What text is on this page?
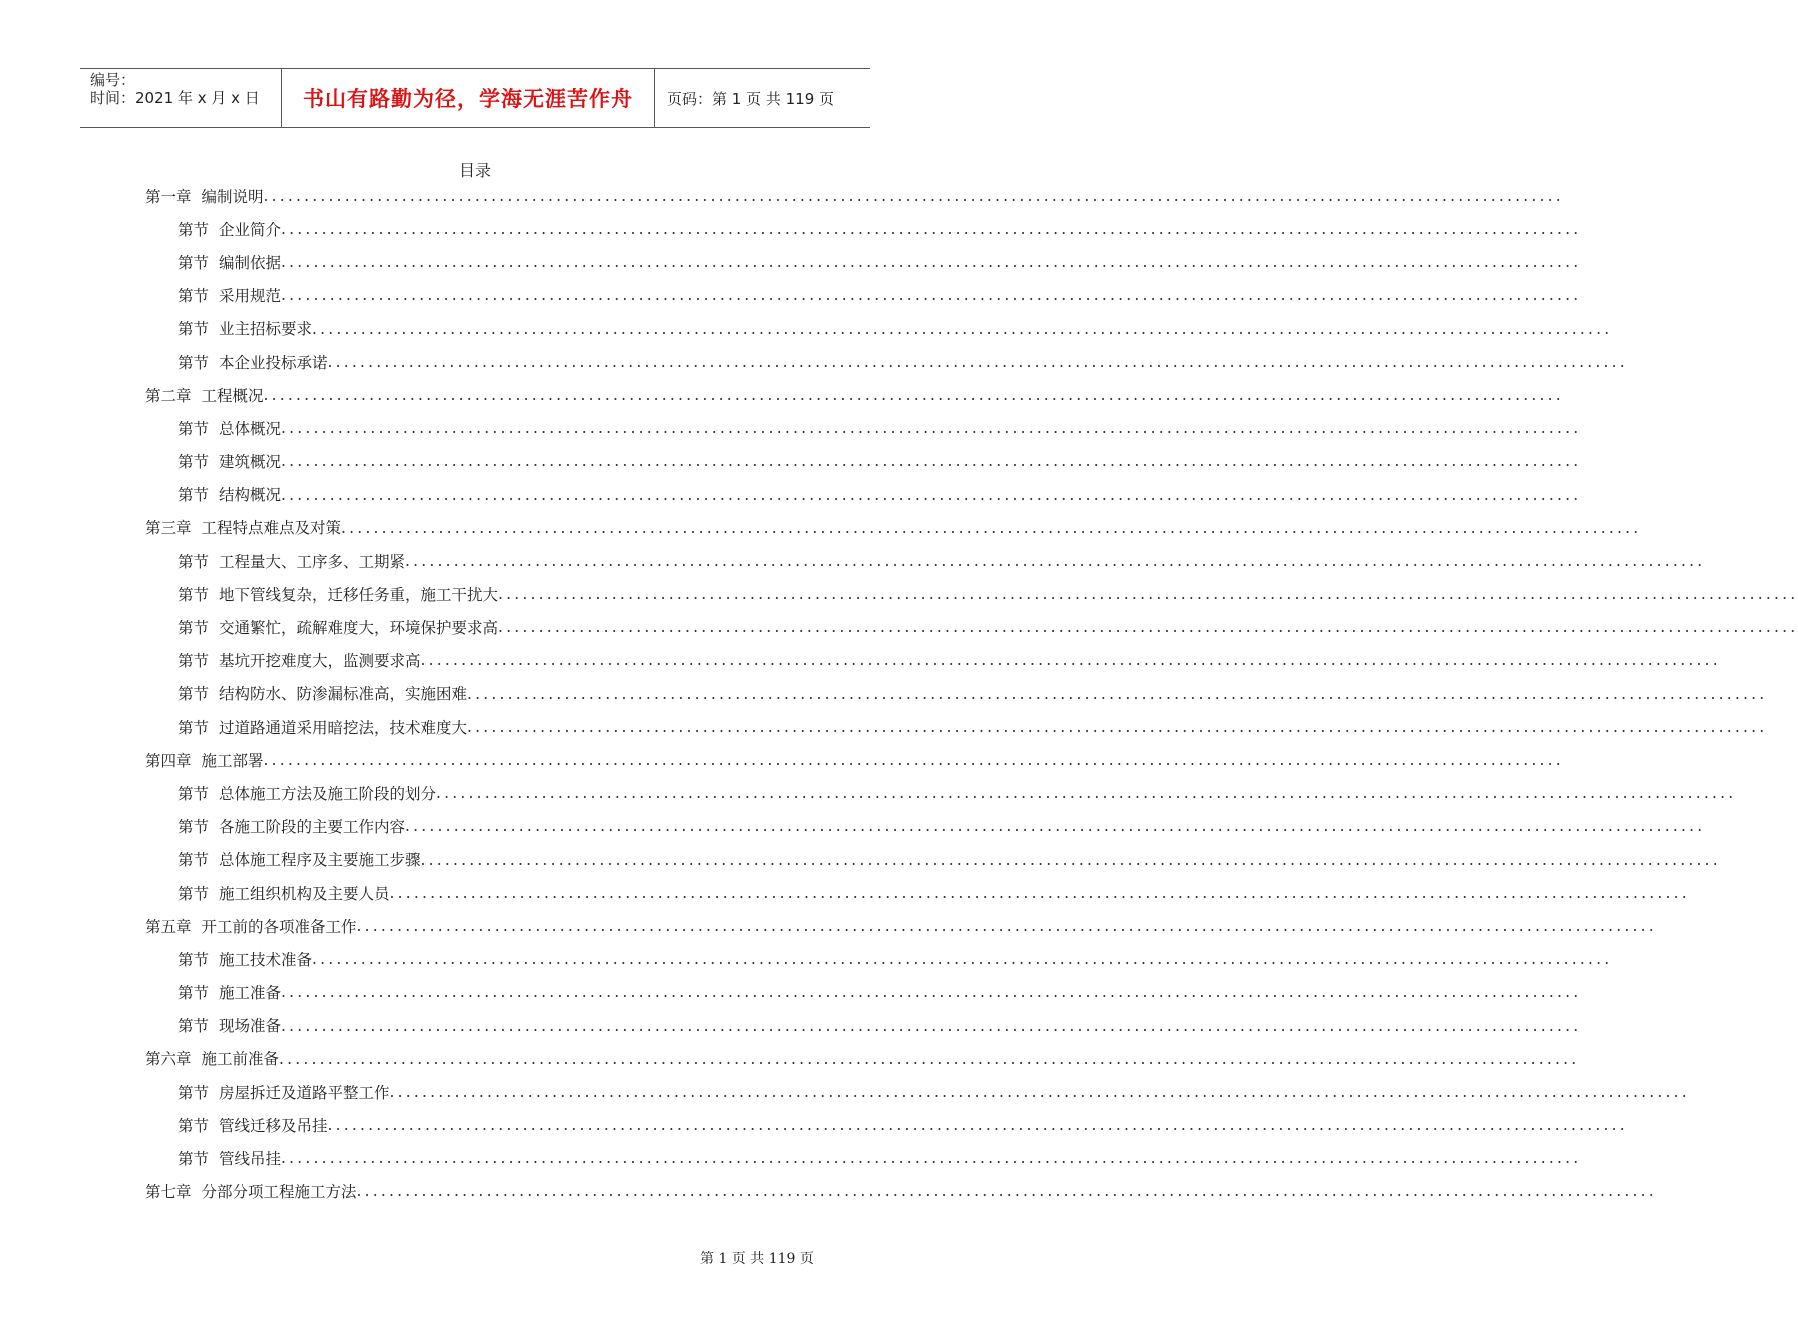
编号：
时间：2021 年 x 月 x 日	书山有路勤为径，学海无涯苦作舟	页码：第 1 页 共 119 页
目录
第一章 编制说明 ................................................................................................................................................................
第节 企业简介 ................................................................................................................................................................
第节 编制依据 ................................................................................................................................................................
第节 采用规范 ................................................................................................................................................................
第节 业主招标要求 ................................................................................................................................................................
第节 本企业投标承诺 ................................................................................................................................................................
第二章 工程概况 ................................................................................................................................................................
第节 总体概况 ................................................................................................................................................................
第节 建筑概况 ................................................................................................................................................................
第节 结构概况 ................................................................................................................................................................
第三章 工程特点难点及对策 ................................................................................................................................................................
第节 工程量大、工序多、工期紧 ................................................................................................................................................................
第节 地下管线复杂，迁移任务重，施工干扰大 ................................................................................................................................................................
第节 交通繁忙，疏解难度大，环境保护要求高 ................................................................................................................................................................
第节 基坑开挖难度大，监测要求高 ................................................................................................................................................................
第节 结构防水、防渗漏标准高，实施困难 ................................................................................................................................................................
第节 过道路通道采用暗挖法，技术难度大 ................................................................................................................................................................
第四章 施工部署 ................................................................................................................................................................
第节 总体施工方法及施工阶段的划分 ................................................................................................................................................................
第节 各施工阶段的主要工作内容 ................................................................................................................................................................
第节 总体施工程序及主要施工步骤 ................................................................................................................................................................
第节 施工组织机构及主要人员 ................................................................................................................................................................
第五章 开工前的各项准备工作 ................................................................................................................................................................
第节 施工技术准备 ................................................................................................................................................................
第节 施工准备 ................................................................................................................................................................
第节 现场准备 ................................................................................................................................................................
第六章 施工前准备 ................................................................................................................................................................
第节 房屋拆迁及道路平整工作 ................................................................................................................................................................
第节 管线迁移及吊挂 ................................................................................................................................................................
第节 管线吊挂 ................................................................................................................................................................
第七章 分部分项工程施工方法 ................................................................................................................................................................
第 1 页 共 119 页
